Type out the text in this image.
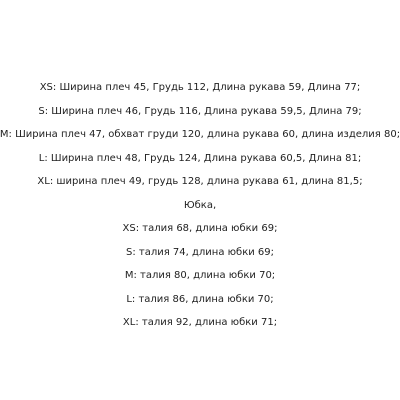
XS: Ширина плеч 45, Грудь 112, Длина рукава 59, Длина 77;
S: Ширина плеч 46, Грудь 116, Длина рукава 59,5, Длина 79;
M: Ширина плеч 47, обхват груди 120, длина рукава 60, длина изделия 80;
L: Ширина плеч 48, Грудь 124, Длина рукава 60,5, Длина 81;
XL: ширина плеч 49, грудь 128, длина рукава 61, длина 81,5;
Юбка,
XS: талия 68, длина юбки 69;
S: талия 74, длина юбки 69;
M: талия 80, длина юбки 70;
L: талия 86, длина юбки 70;
XL: талия 92, длина юбки 71;
